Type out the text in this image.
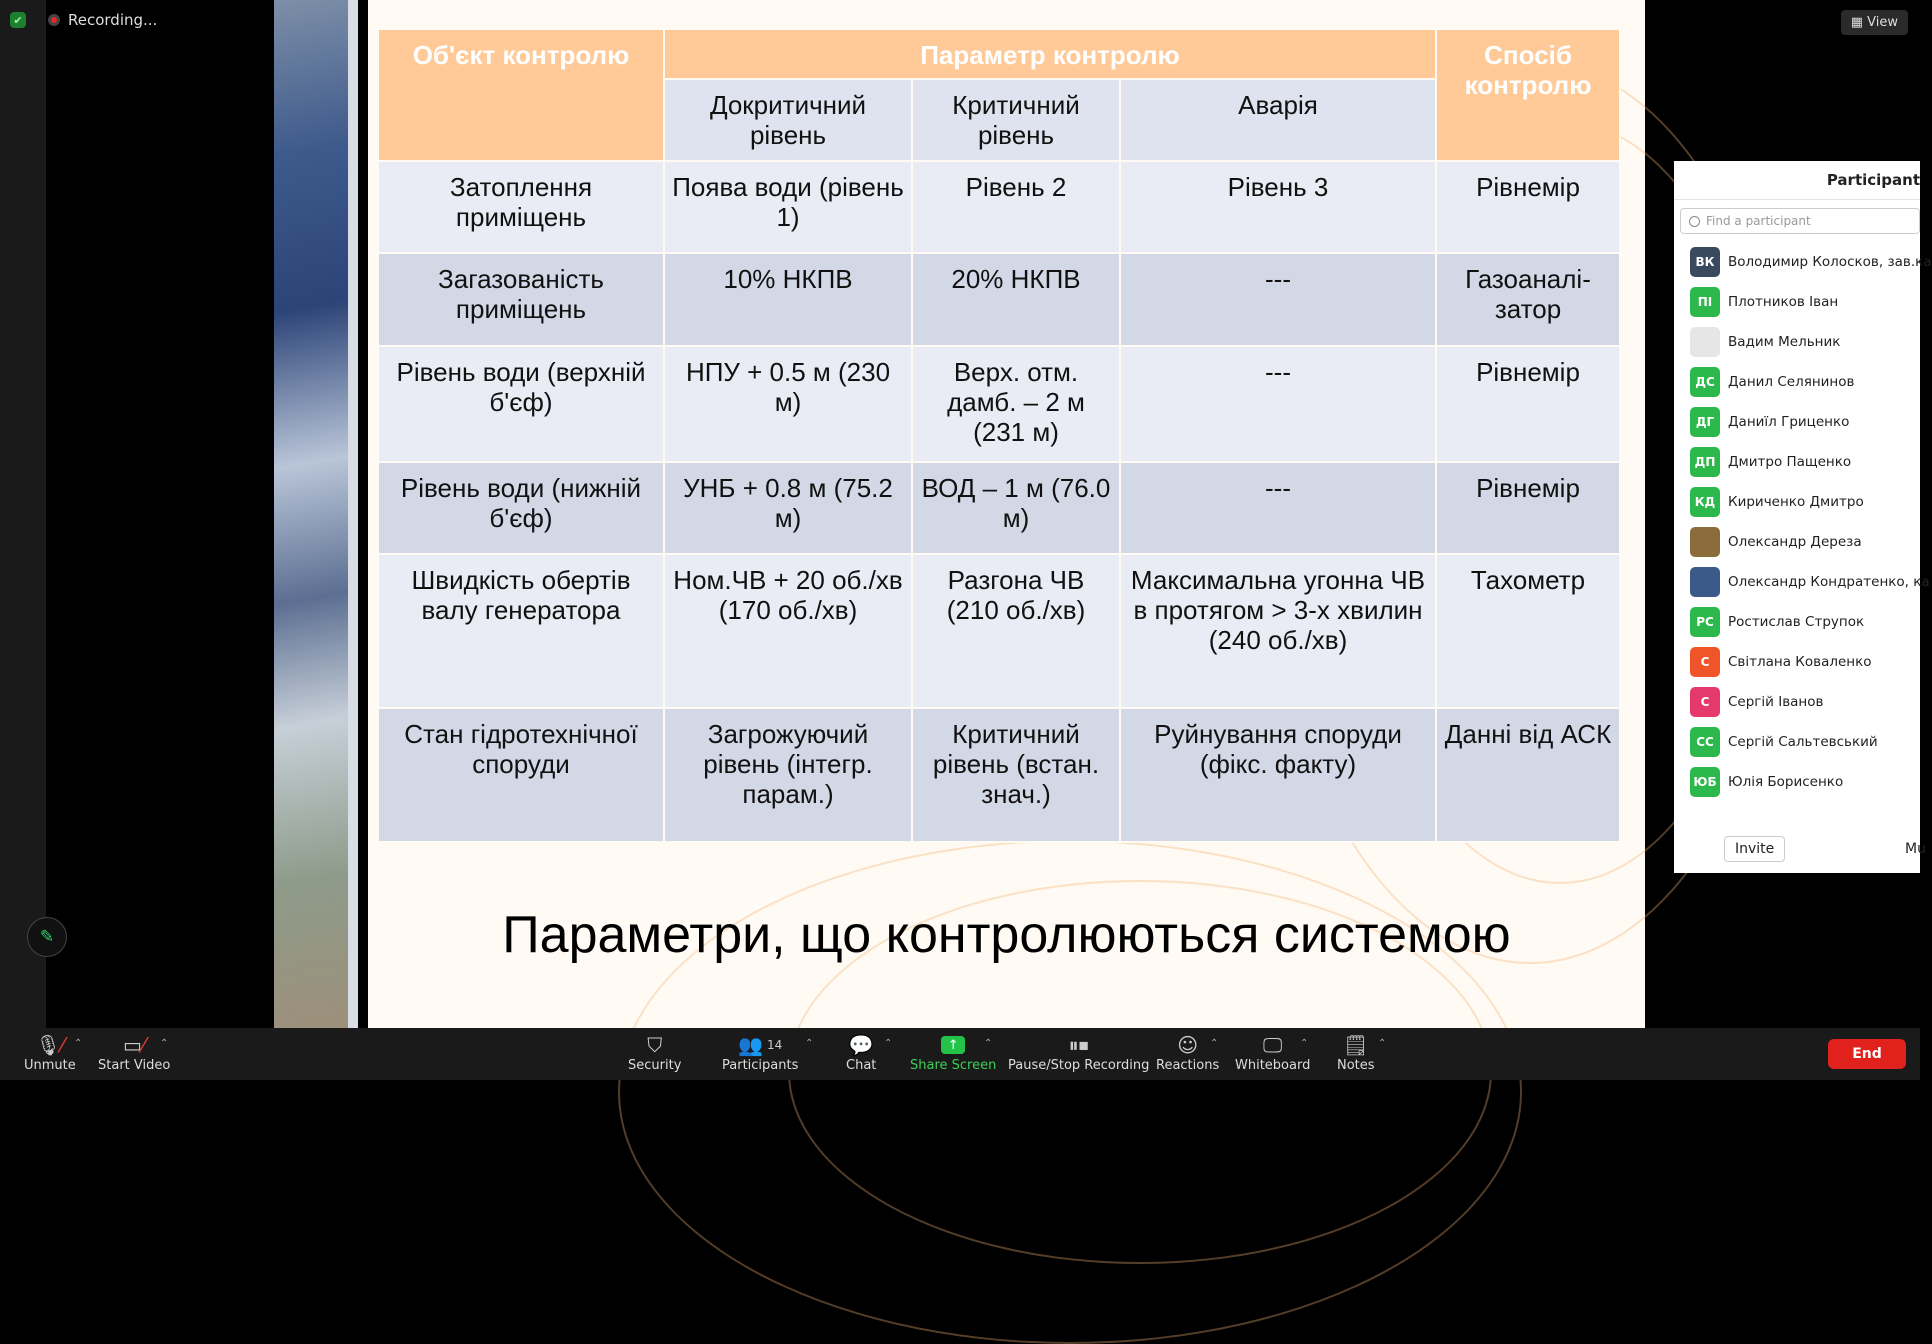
✔	Recording...	▦ View
✎
Об'єкт контролю	Параметр контролю			Спосіб контролю
	Докритичний рівень	Критичний рівень	Аварія	
Затоплення приміщень	Поява води (рівень 1)	Рівень 2	Рівень 3	Рівнемір
Загазованість приміщень	10% НКПВ	20% НКПВ	---	Газоаналі-затор
Рівень води (верхній б'єф)	НПУ + 0.5 м (230 м)	Верх. отм. дамб. – 2 м (231 м)	---	Рівнемір
Рівень води (нижній б'єф)	УНБ + 0.8 м (75.2 м)	ВОД – 1 м (76.0 м)	---	Рівнемір
Швидкість обертів валу генератора	Ном.ЧВ + 20 об./хв (170 об./хв)	Разгона ЧВ (210 об./хв)	Максимальна угонна ЧВ в протягом > 3-х хвилин (240 об./хв)	Тахометр
Стан гідротехнічної споруди	Загрожуючий рівень (інтегр. парам.)	Критичний рівень (встан. знач.)	Руйнування споруди (фікс. факту)	Данні від АСК
Параметри, що контролюються системою
Participant
Find a participant
ВК	Володимир Колосков, зав.ка
ПІ	Плотников Іван
Вадим Мельник
ДС Данил Селянинов
ДГ	Даниїл Гриценко
ДП Дмитро Пащенко
КД Кириченко Дмитро
Олександр Дереза
Олександр Кондратенко, ка
РС	Ростислав Струпок
С	Світлана Коваленко
С	Сергій Іванов
СС	Сергій Сальтевський
ЮБ Юлія Борисенко
Invite	Mu
🎙 ⁄
Unmute
⌃ ▭ ⁄
Start Video
⌃	⛉
Security
👥 14
Participants
⌃ 💬
Chat
⌃	↑
Share Screen
⌃	⏸⏹
Pause/Stop Recording
☺
Reactions
⌃ 🖵
Whiteboard
⌃ 🗒
Notes
⌃
End
